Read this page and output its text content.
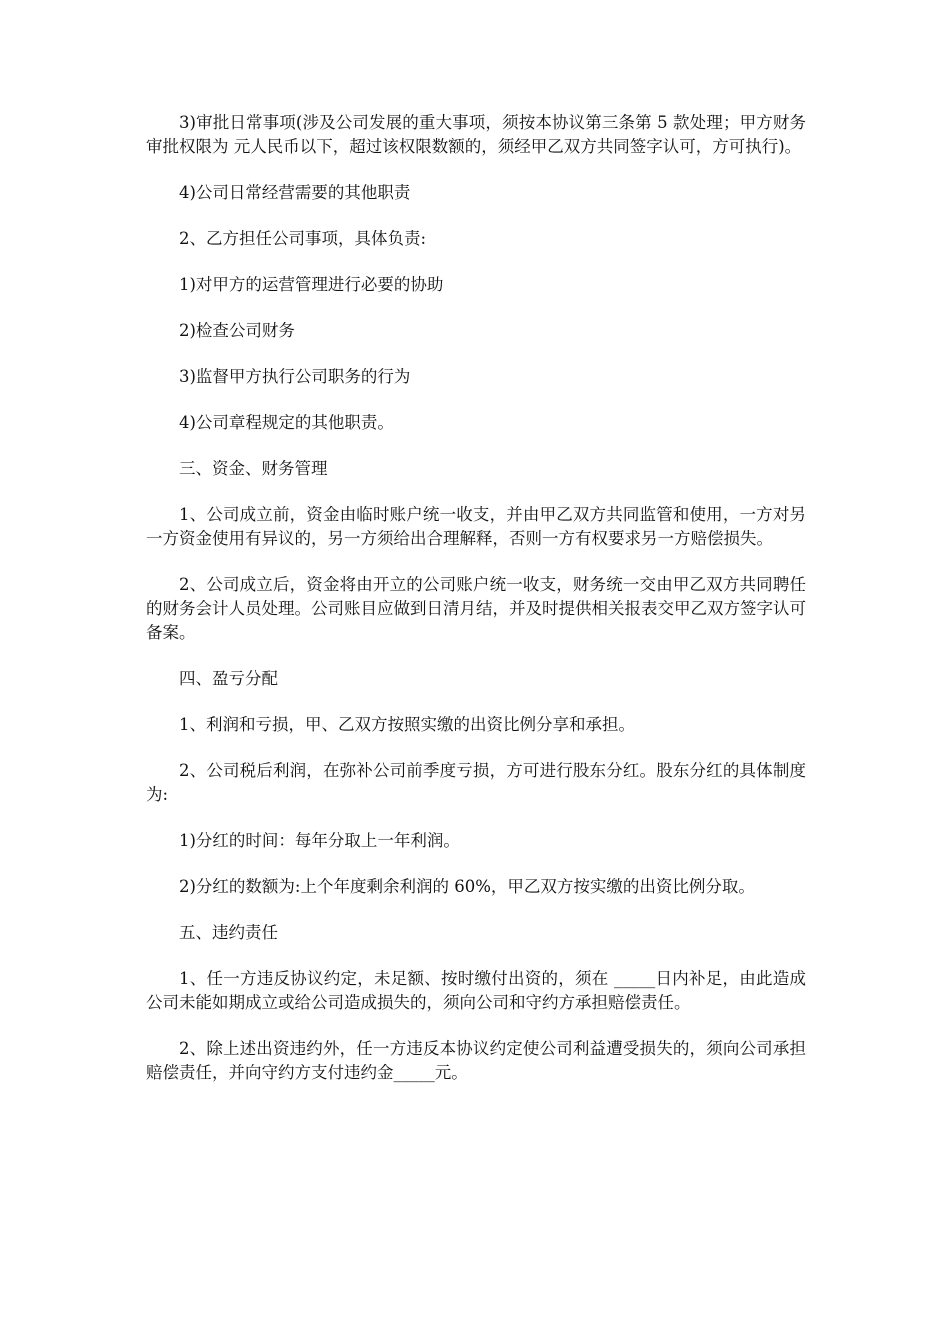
3)审批日常事项(涉及公司发展的重大事项，须按本协议第三条第 5 款处理；甲方财务审批权限为 元人民币以下，超过该权限数额的，须经甲乙双方共同签字认可，方可执行)。

4)公司日常经营需要的其他职责

2、乙方担任公司事项，具体负责:

1)对甲方的运营管理进行必要的协助

2)检查公司财务

3)监督甲方执行公司职务的行为

4)公司章程规定的其他职责。

三、资金、财务管理

1、公司成立前，资金由临时账户统一收支，并由甲乙双方共同监管和使用，一方对另一方资金使用有异议的，另一方须给出合理解释，否则一方有权要求另一方赔偿损失。

2、公司成立后，资金将由开立的公司账户统一收支，财务统一交由甲乙双方共同聘任的财务会计人员处理。公司账目应做到日清月结，并及时提供相关报表交甲乙双方签字认可备案。

四、盈亏分配

1、利润和亏损，甲、乙双方按照实缴的出资比例分享和承担。

2、公司税后利润，在弥补公司前季度亏损，方可进行股东分红。股东分红的具体制度为:

1)分红的时间：每年分取上一年利润。

2)分红的数额为:上个年度剩余利润的 60%，甲乙双方按实缴的出资比例分取。

五、违约责任

1、任一方违反协议约定，未足额、按时缴付出资的，须在 _____日内补足，由此造成公司未能如期成立或给公司造成损失的，须向公司和守约方承担赔偿责任。

2、除上述出资违约外，任一方违反本协议约定使公司利益遭受损失的，须向公司承担赔偿责任，并向守约方支付违约金_____元。
